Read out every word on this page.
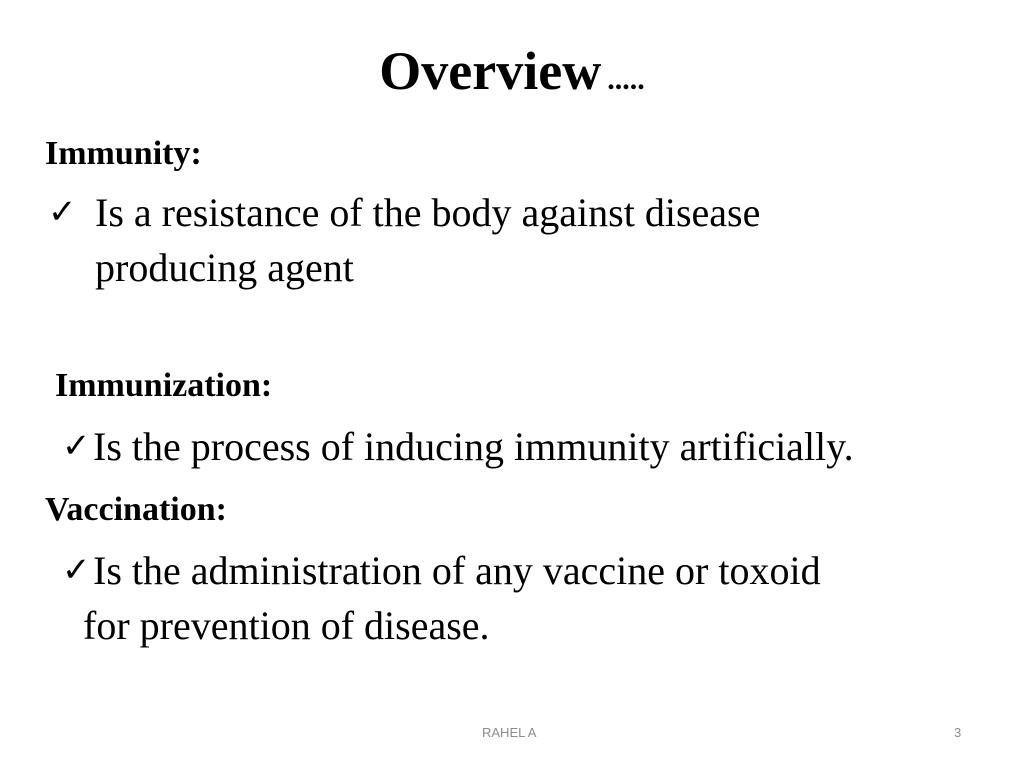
Overview .....
Immunity:
✓ Is a resistance of the body against disease
producing agent
Immunization:
✓ Is the process of inducing immunity artificially.
Vaccination:
✓ Is the administration of any vaccine or toxoid
for prevention of disease.
RAHEL A	3
